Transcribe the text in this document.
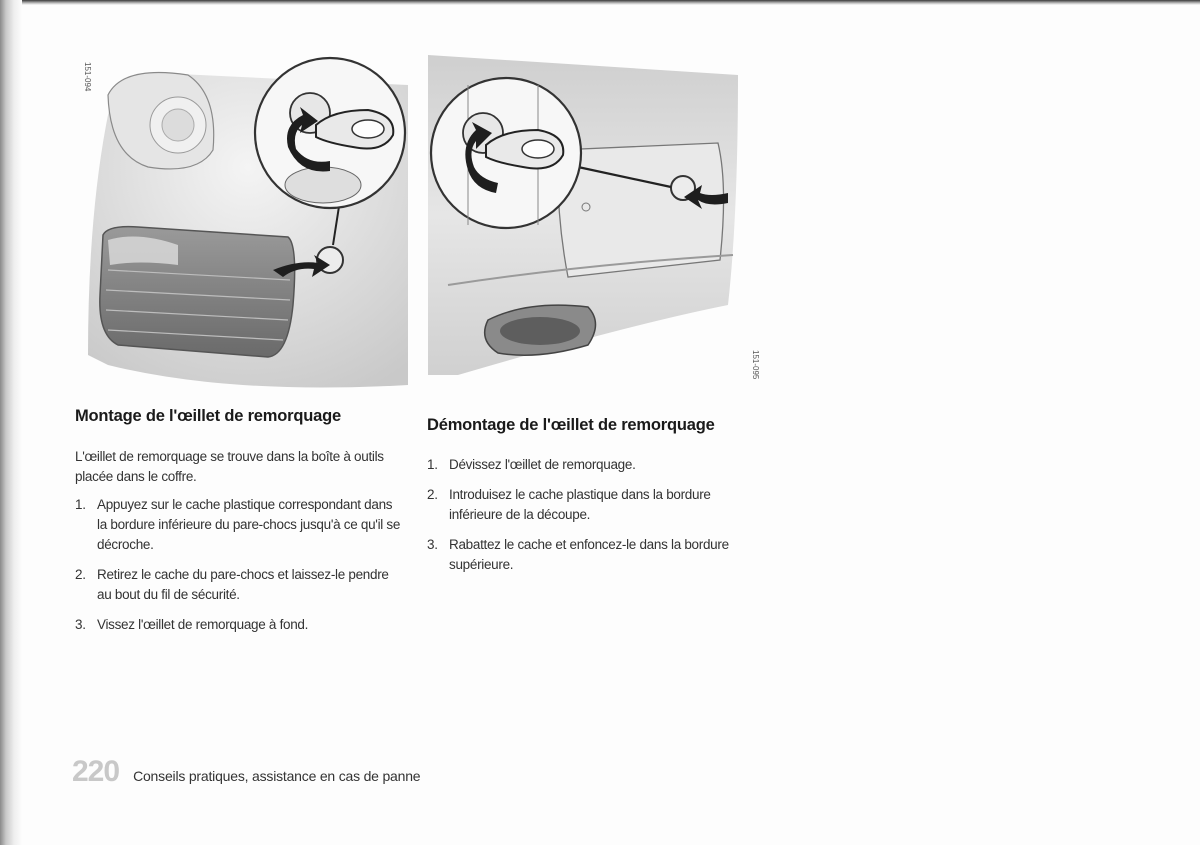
151-094
151-095
Montage de l'œillet de remorquage

L'œillet de remorquage se trouve dans la boîte à outils placée dans le coffre.

1. Appuyez sur le cache plastique correspondant dans la bordure inférieure du pare-chocs jusqu'à ce qu'il se décroche.
2. Retirez le cache du pare-chocs et laissez-le pendre au bout du fil de sécurité.
3. Vissez l'œillet de remorquage à fond.
Démontage de l'œillet de remorquage
1. Dévissez l'œillet de remorquage.
2. Introduisez le cache plastique dans la bordure inférieure de la découpe.
3. Rabattez le cache et enfoncez-le dans la bordure supérieure.
220 Conseils pratiques, assistance en cas de panne
